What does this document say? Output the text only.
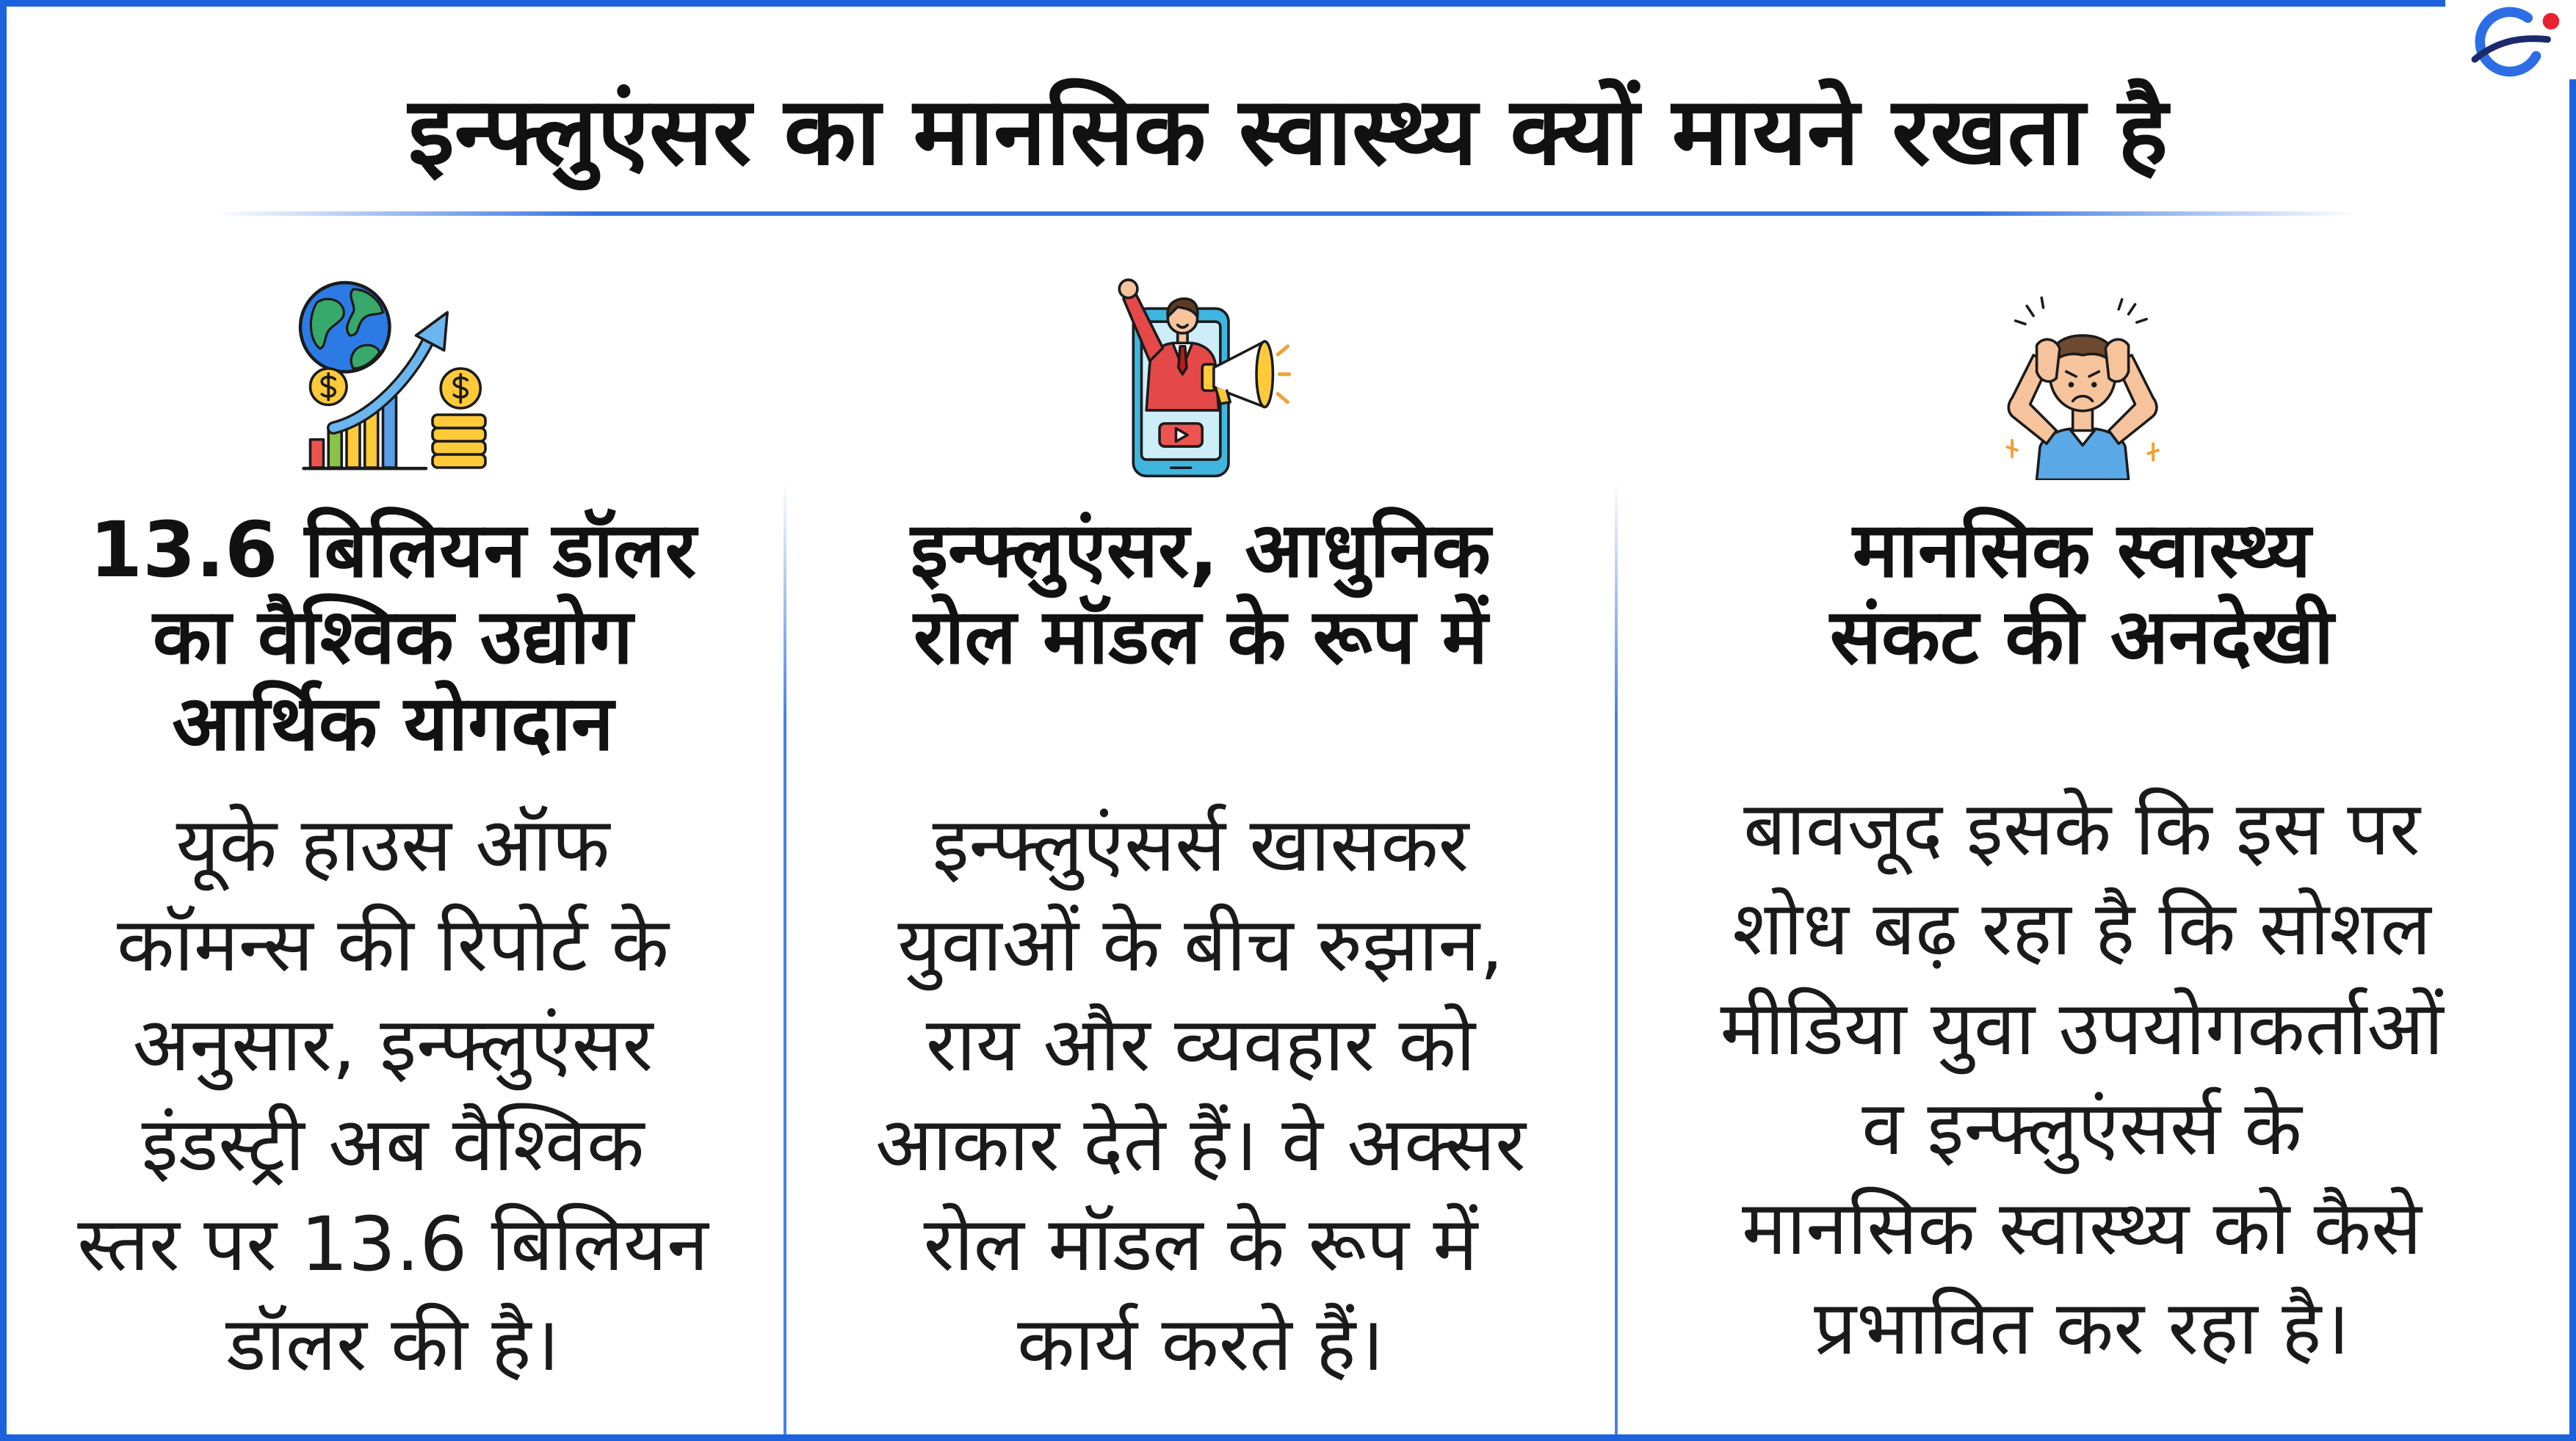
इन्फ्लुएंसर का मानसिक स्वास्थ्य क्यों मायने रखता है
13.6 बिलियन डॉलर
का वैश्विक उद्योग
आर्थिक योगदान
यूके हाउस ऑफ
कॉमन्स की रिपोर्ट के
अनुसार, इन्फ्लुएंसर
इंडस्ट्री अब वैश्विक
स्तर पर 13.6 बिलियन
डॉलर की है।
इन्फ्लुएंसर, आधुनिक
रोल मॉडल के रूप में
इन्फ्लुएंसर्स खासकर
युवाओं के बीच रुझान,
राय और व्यवहार को
आकार देते हैं। वे अक्सर
रोल मॉडल के रूप में
कार्य करते हैं।
मानसिक स्वास्थ्य
संकट की अनदेखी
बावजूद इसके कि इस पर
शोध बढ़ रहा है कि सोशल
मीडिया युवा उपयोगकर्ताओं
व इन्फ्लुएंसर्स के
मानसिक स्वास्थ्य को कैसे
प्रभावित कर रहा है।
